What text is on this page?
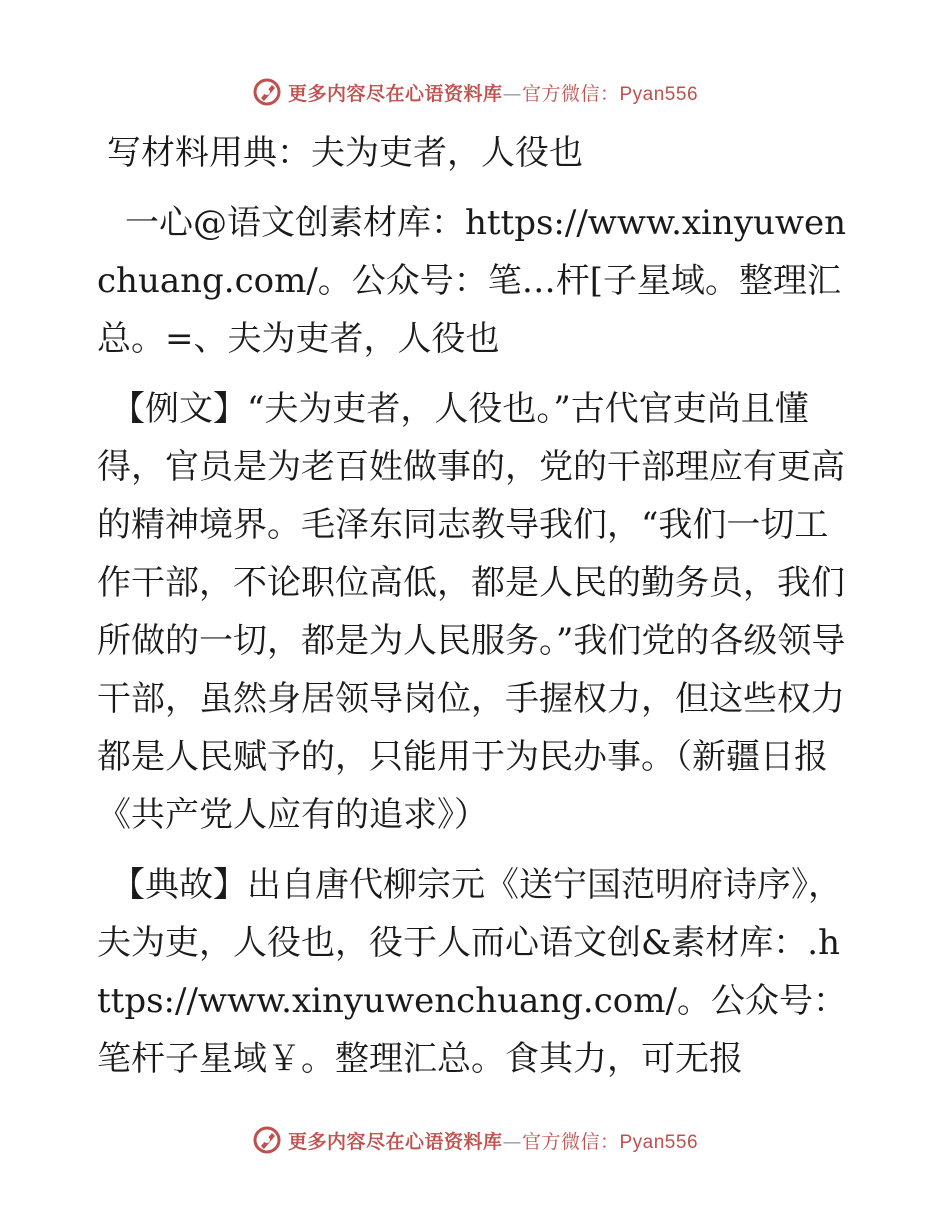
更多内容尽在心语资料库—官方微信：Pyan556

写材料用典：夫为吏者，人役也

一心@语文创素材库：https://www.xinyuwenchuang.com/。公众号：笔…杆[子星域。整理汇总。=、夫为吏者，人役也

【例文】“夫为吏者，人役也。”古代官吏尚且懂得，官员是为老百姓做事的，党的干部理应有更高的精神境界。毛泽东同志教导我们，“我们一切工作干部，不论职位高低，都是人民的勤务员，我们所做的一切，都是为人民服务。”我们党的各级领导干部，虽然身居领导岗位，手握权力，但这些权力都是人民赋予的，只能用于为民办事。（新疆日报《共产党人应有的追求》）

【典故】出自唐代柳宗元《送宁国范明府诗序》，夫为吏，人役也，役于人而心语文创&素材库：.https://www.xinyuwenchuang.com/。公众号：笔杆子星域￥。整理汇总。食其力，可无报

更多内容尽在心语资料库—官方微信：Pyan556
